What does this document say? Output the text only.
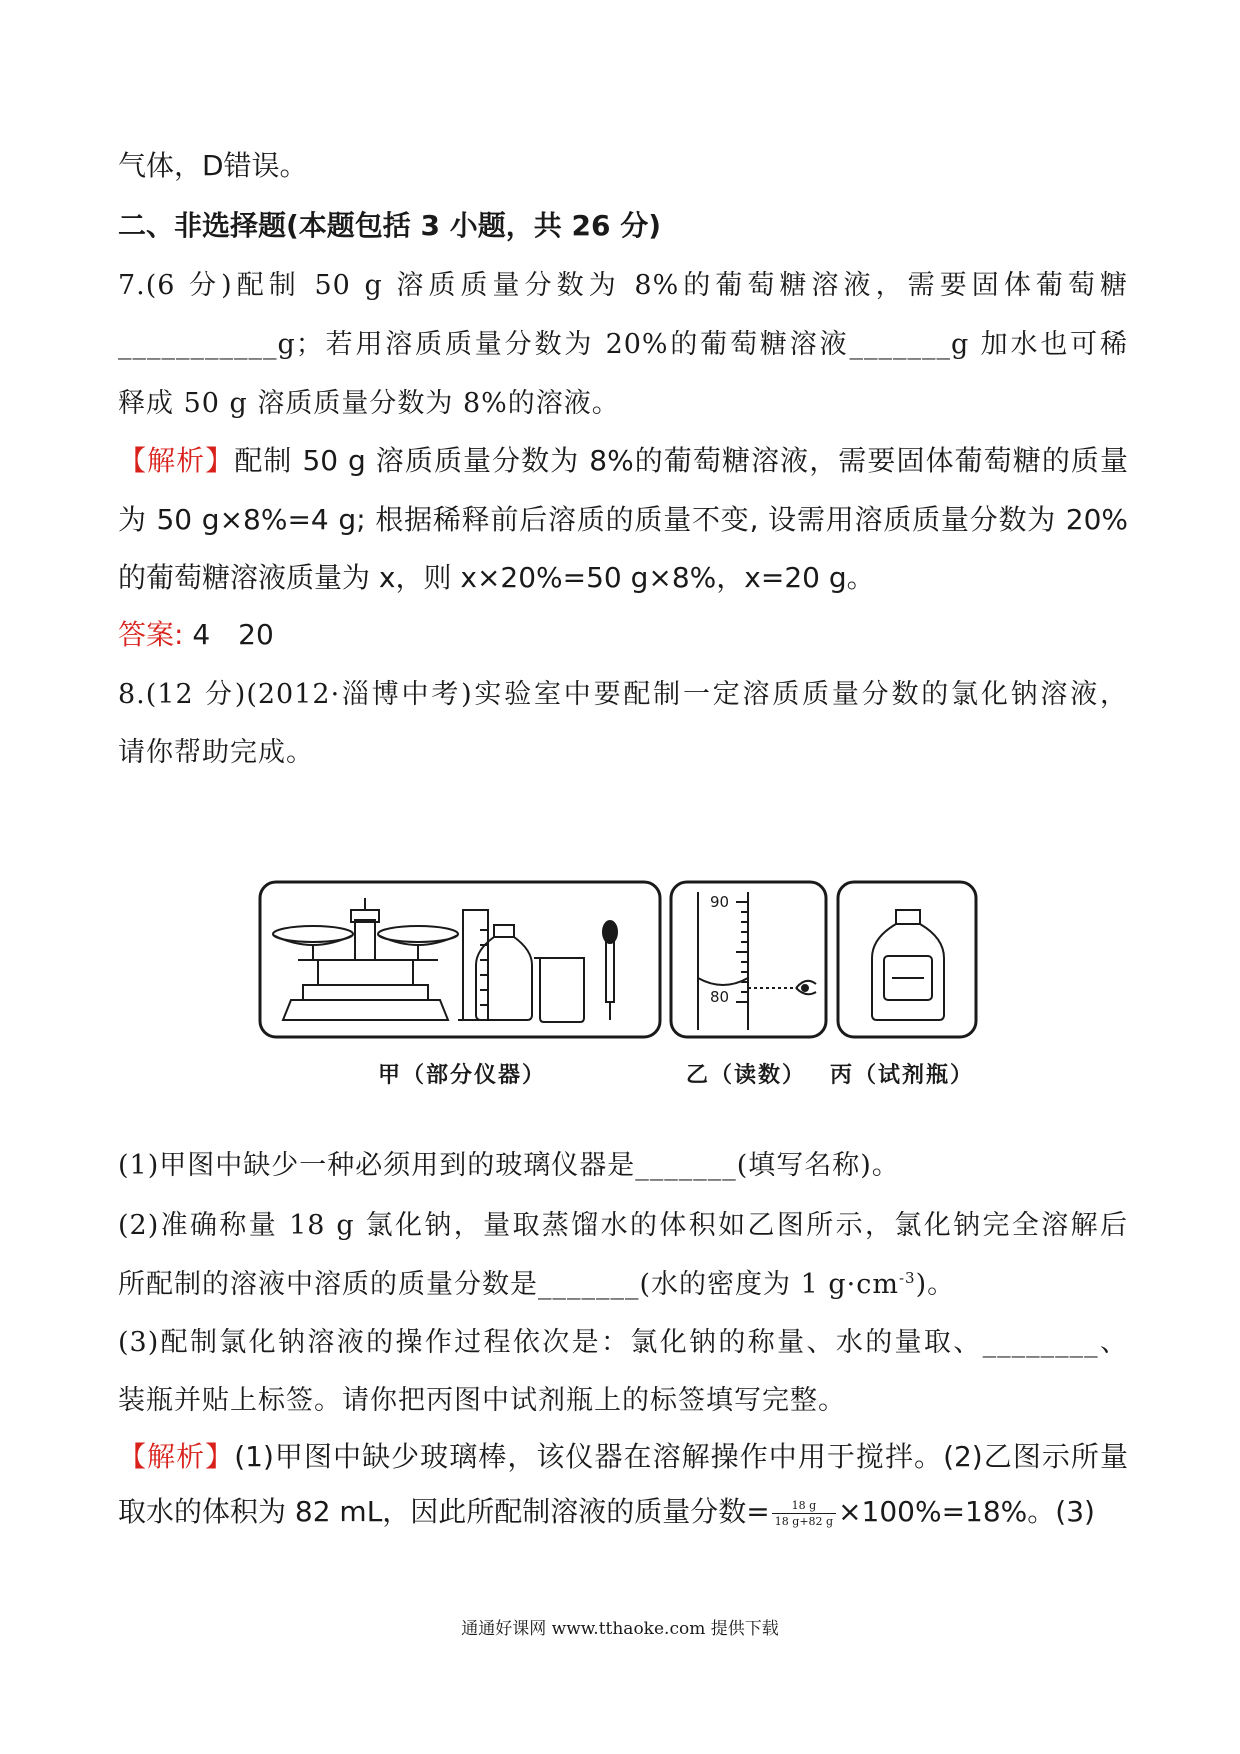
气体，D错误。
二、非选择题(本题包括 3 小题，共 26 分)
7.(6 分)配制 50 g 溶质质量分数为 8%的葡萄糖溶液，需要固体葡萄糖
___________g；若用溶质质量分数为 20%的葡萄糖溶液_______g 加水也可稀
释成 50 g 溶质质量分数为 8%的溶液。
【解析】配制 50 g 溶质质量分数为 8%的葡萄糖溶液，需要固体葡萄糖的质量
为 50 g×8%=4 g; 根据稀释前后溶质的质量不变, 设需用溶质质量分数为 20%
的葡萄糖溶液质量为 x，则 x×20%=50 g×8%，x=20 g。
答案: 4　20
8.(12 分)(2012·淄博中考)实验室中要配制一定溶质质量分数的氯化钠溶液，
请你帮助完成。
90
80
甲（部分仪器）	乙（读数） 丙（试剂瓶）
(1)甲图中缺少一种必须用到的玻璃仪器是_______(填写名称)。
(2)准确称量 18 g 氯化钠，量取蒸馏水的体积如乙图所示，氯化钠完全溶解后
所配制的溶液中溶质的质量分数是_______(水的密度为 1 $g\cdot cm^{-3}$)。
(3)配制氯化钠溶液的操作过程依次是：氯化钠的称量、水的量取、________、
装瓶并贴上标签。请你把丙图中试剂瓶上的标签填写完整。
【解析】(1)甲图中缺少玻璃棒，该仪器在溶解操作中用于搅拌。(2)乙图示所量
取水的体积为 82 mL，因此所配制溶液的质量分数= $\frac{18 g}{18 g+82 g} \times 100\%=18\%$。(3)
通通好课网 www.tthaoke.com 提供下载
